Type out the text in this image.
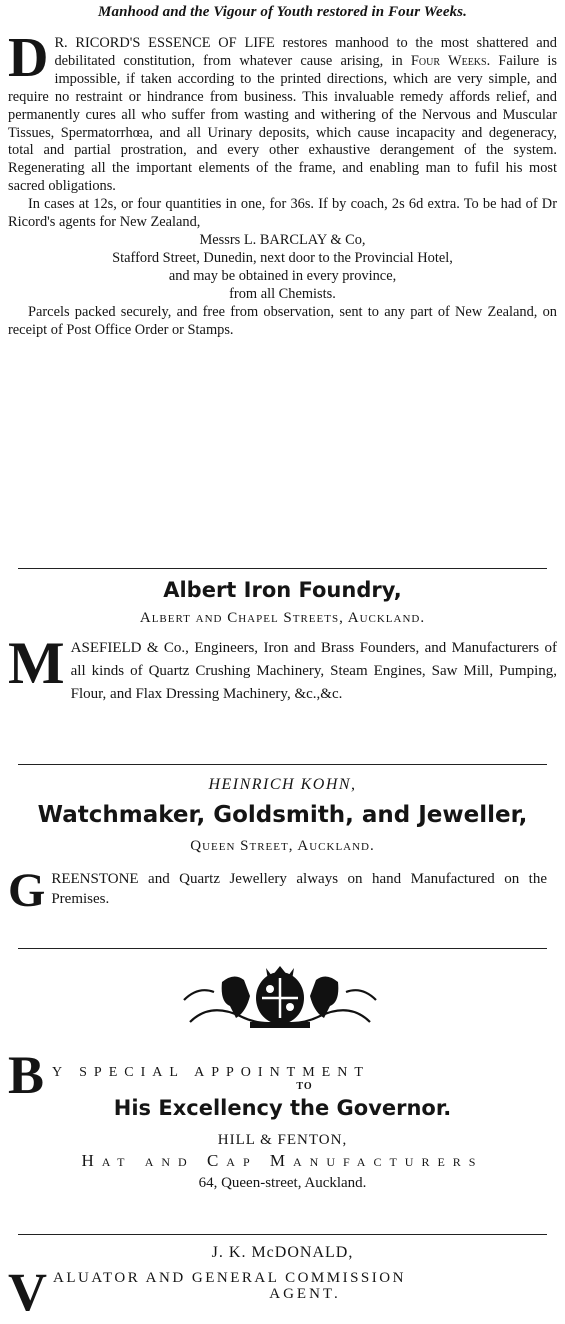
Manhood and the Vigour of Youth restored in Four Weeks.

D R. RICORD'S ESSENCE OF LIFE restores manhood to the most shattered and debilitated constitution, from whatever cause arising, in Four Weeks. Failure is impossible, if taken according to the printed directions, which are very simple, and require no restraint or hindrance from business. This invaluable remedy affords relief, and permanently cures all who suffer from wasting and withering of the Nervous and Muscular Tissues, Spermatorrhœa, and all Urinary deposits, which cause incapacity and degeneracy, total and partial prostration, and every other exhaustive derangement of the system. Regenerating all the important elements of the frame, and enabling man to fufil his most sacred obligations.

In cases at 12s, or four quantities in one, for 36s. If by coach, 2s 6d extra. To be had of Dr Ricord's agents for New Zealand,

Messrs L. BARCLAY & Co,

Stafford Street, Dunedin, next door to the Provincial Hotel,

and may be obtained in every province,

from all Chemists.

Parcels packed securely, and free from observation, sent to any part of New Zealand, on receipt of Post Office Order or Stamps.

Albert Iron Foundry,

Albert and Chapel Streets, Auckland.

MASEFIELD & Co., Engineers, Iron and Brass Founders, and Manufacturers of all kinds of Quartz Crushing Machinery, Steam Engines, Saw Mill, Pumping, Flour, and Flax Dressing Machinery, &c.,&c.

HEINRICH KOHN,

Watchmaker, Goldsmith, and Jeweller,

Queen Street, Auckland.

GREENSTONE and Quartz Jewellery always on hand Manufactured on the Premises.

B Y SPECIAL APPOINTMENT

TO

His Excellency the Governor.

HILL & FENTON,

Hat and Cap Manufacturers

64, Queen-street, Auckland.

J. K. McDONALD,

VALUATOR AND GENERAL COMMISSION

AGENT.
